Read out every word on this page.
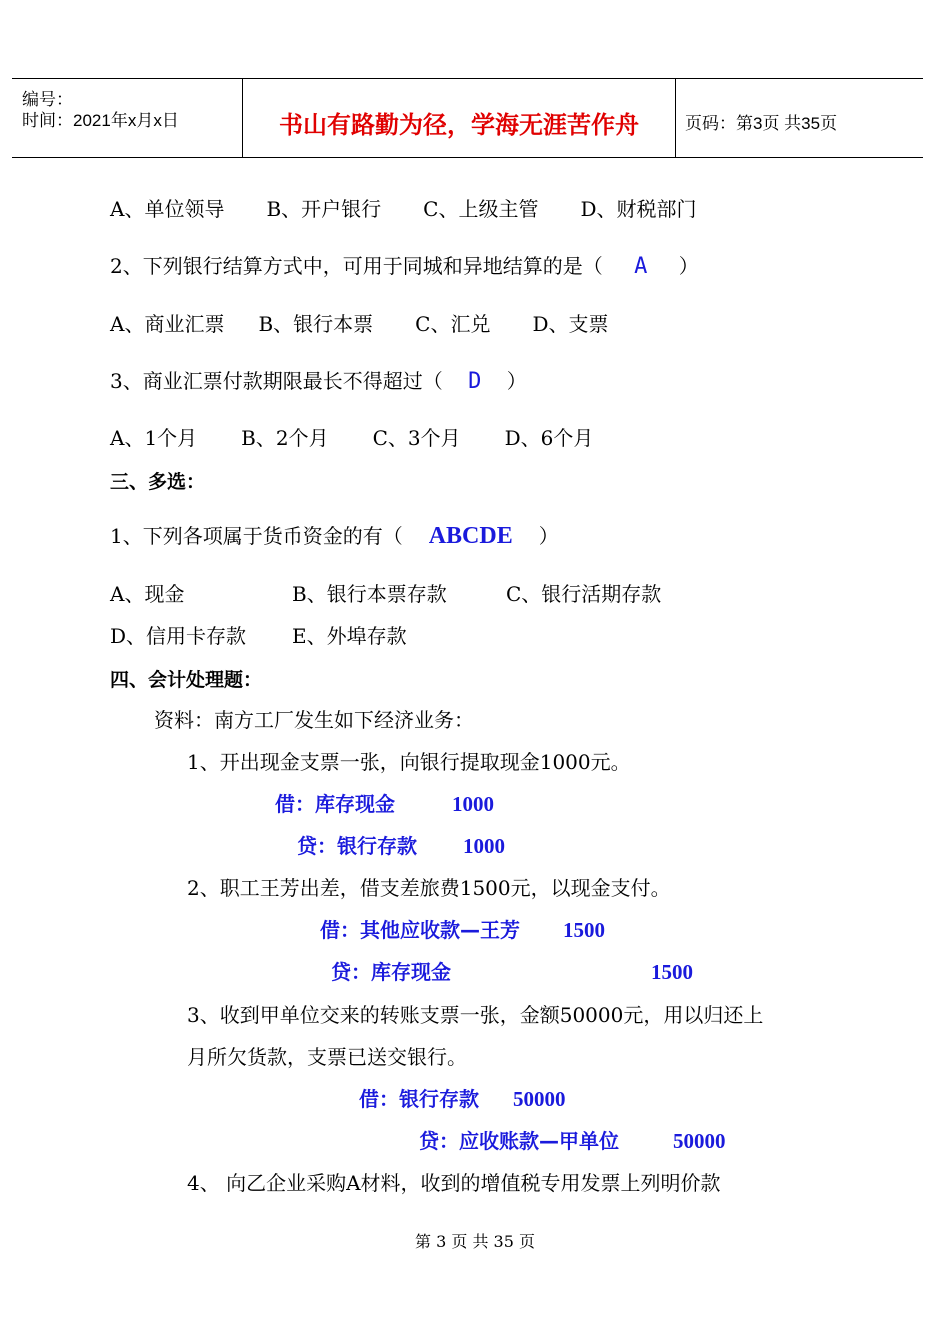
编号：
时间：2021年x月x日	书山有路勤为径，学海无涯苦作舟	页码：第3页 共35页
A、单位领导 B、开户银行 C、上级主管 D、财税部门
2、下列银行结算方式中，可用于同城和异地结算的是（ A ）
A、商业汇票 B、银行本票 C、汇兑 D、支票
3、商业汇票付款期限最长不得超过（ D ）
A、1个月 B、2个月 C、3个月 D、6个月
三、多选：
1、下列各项属于货币资金的有（ ABCDE ）
A、现金	B、银行本票存款	C、银行活期存款
D、信用卡存款 E、外埠存款
四、会计处理题：
资料：南方工厂发生如下经济业务：
1、开出现金支票一张，向银行提取现金1000元。
借：库存现金	1000
贷：银行存款 1000
2、职工王芳出差，借支差旅费1500元，以现金支付。
借：其他应收款—王芳 1500
贷：库存现金	1500
3、收到甲单位交来的转账支票一张，金额50000元，用以归还上
月所欠货款，支票已送交银行。
借：银行存款 50000
贷：应收账款—甲单位	50000
4、 向乙企业采购A材料，收到的增值税专用发票上列明价款
第 3 页 共 35 页
